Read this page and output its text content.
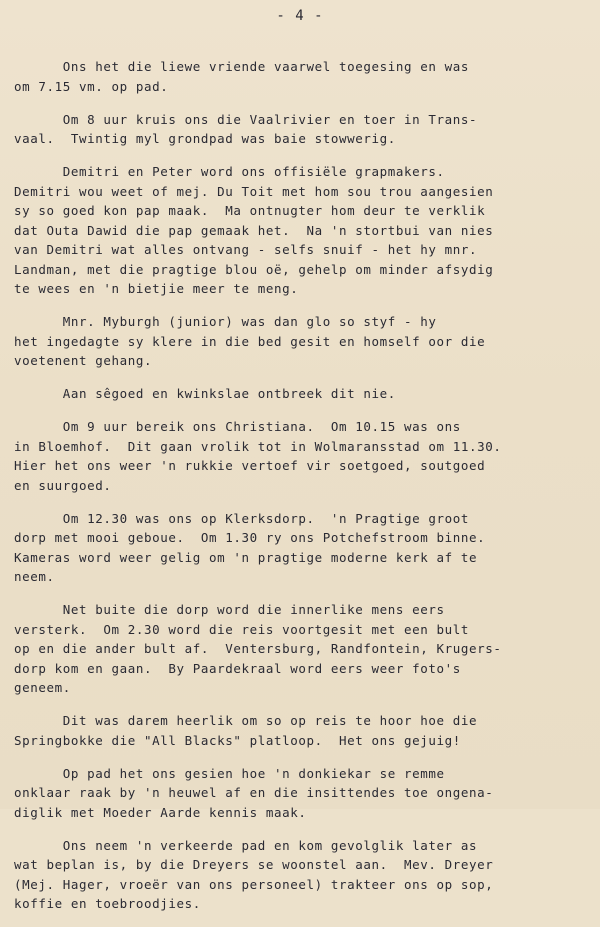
- 4 -

Ons het die liewe vriende vaarwel toegesing en was
om 7.15 vm. op pad.

Om 8 uur kruis ons die Vaalrivier en toer in Trans-
vaal.  Twintig myl grondpad was baie stowwerig.

Demitri en Peter word ons offisiële grapmakers.
Demitri wou weet of mej. Du Toit met hom sou trou aangesien
sy so goed kon pap maak.  Ma ontnugter hom deur te verklik
dat Outa Dawid die pap gemaak het.  Na 'n stortbui van nies
van Demitri wat alles ontvang - selfs snuif - het hy mnr.
Landman, met die pragtige blou oë, gehelp om minder afsydig
te wees en 'n bietjie meer te meng.

Mnr. Myburgh (junior) was dan glo so styf - hy
het ingedagte sy klere in die bed gesit en homself oor die
voetenent gehang.

Aan sêgoed en kwinkslae ontbreek dit nie.

Om 9 uur bereik ons Christiana.  Om 10.15 was ons
in Bloemhof.  Dit gaan vrolik tot in Wolmaransstad om 11.30.
Hier het ons weer 'n rukkie vertoef vir soetgoed, soutgoed
en suurgoed.

Om 12.30 was ons op Klerksdorp.  'n Pragtige groot
dorp met mooi geboue.  Om 1.30 ry ons Potchefstroom binne.
Kameras word weer gelig om 'n pragtige moderne kerk af te
neem.

Net buite die dorp word die innerlike mens eers
versterk.  Om 2.30 word die reis voortgesit met een bult
op en die ander bult af.  Ventersburg, Randfontein, Krugers-
dorp kom en gaan.  By Paardekraal word eers weer foto's
geneem.

Dit was darem heerlik om so op reis te hoor hoe die
Springbokke die "All Blacks" platloop.  Het ons gejuig!

Op pad het ons gesien hoe 'n donkiekar se remme
onklaar raak by 'n heuwel af en die insittendes toe ongena-
diglik met Moeder Aarde kennis maak.

Ons neem 'n verkeerde pad en kom gevolglik later as
wat beplan is, by die Dreyers se woonstel aan.  Mev. Dreyer
(Mej. Hager, vroeër van ons personeel) trakteer ons op sop,
koffie en toebroodjies.
